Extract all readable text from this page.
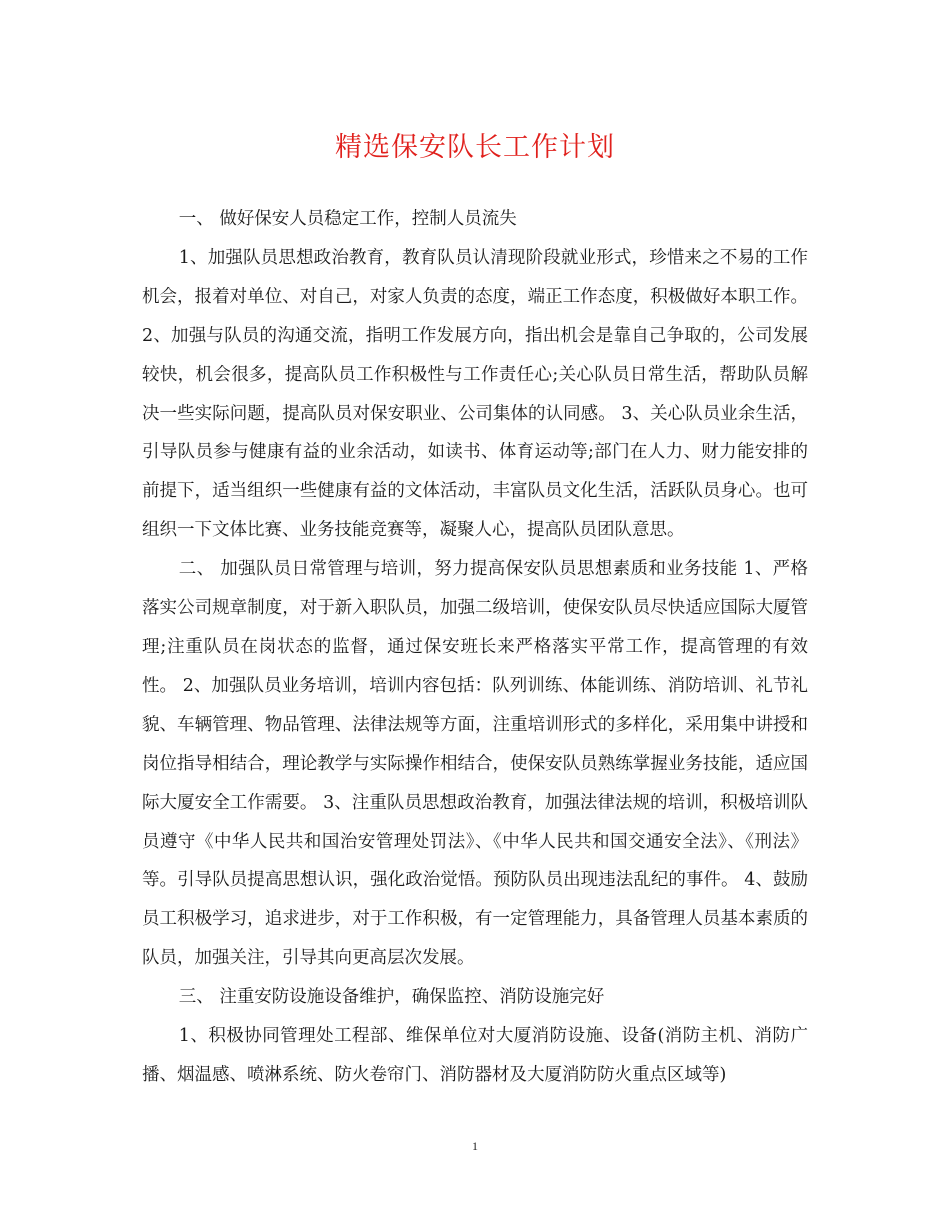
精选保安队长工作计划

一、 做好保安人员稳定工作，控制人员流失

1、加强队员思想政治教育，教育队员认清现阶段就业形式，珍惜来之不易的工作机会，报着对单位、对自己，对家人负责的态度，端正工作态度，积极做好本职工作。 2、加强与队员的沟通交流，指明工作发展方向，指出机会是靠自己争取的，公司发展较快，机会很多，提高队员工作积极性与工作责任心;关心队员日常生活，帮助队员解决一些实际问题，提高队员对保安职业、公司集体的认同感。 3、关心队员业余生活，引导队员参与健康有益的业余活动，如读书、体育运动等;部门在人力、财力能安排的前提下，适当组织一些健康有益的文体活动，丰富队员文化生活，活跃队员身心。也可组织一下文体比赛、业务技能竞赛等，凝聚人心，提高队员团队意思。

二、 加强队员日常管理与培训，努力提高保安队员思想素质和业务技能 1、严格落实公司规章制度，对于新入职队员，加强二级培训，使保安队员尽快适应国际大厦管理;注重队员在岗状态的监督，通过保安班长来严格落实平常工作，提高管理的有效性。 2、加强队员业务培训，培训内容包括：队列训练、体能训练、消防培训、礼节礼貌、车辆管理、物品管理、法律法规等方面，注重培训形式的多样化，采用集中讲授和岗位指导相结合，理论教学与实际操作相结合，使保安队员熟练掌握业务技能，适应国际大厦安全工作需要。 3、注重队员思想政治教育，加强法律法规的培训，积极培训队员遵守《中华人民共和国治安管理处罚法》、《中华人民共和国交通安全法》、《刑法》等。引导队员提高思想认识，强化政治觉悟。预防队员出现违法乱纪的事件。 4、鼓励员工积极学习，追求进步，对于工作积极，有一定管理能力，具备管理人员基本素质的队员，加强关注，引导其向更高层次发展。

三、 注重安防设施设备维护，确保监控、消防设施完好

1、积极协同管理处工程部、维保单位对大厦消防设施、设备(消防主机、消防广播、烟温感、喷淋系统、防火卷帘门、消防器材及大厦消防防火重点区域等)

1
